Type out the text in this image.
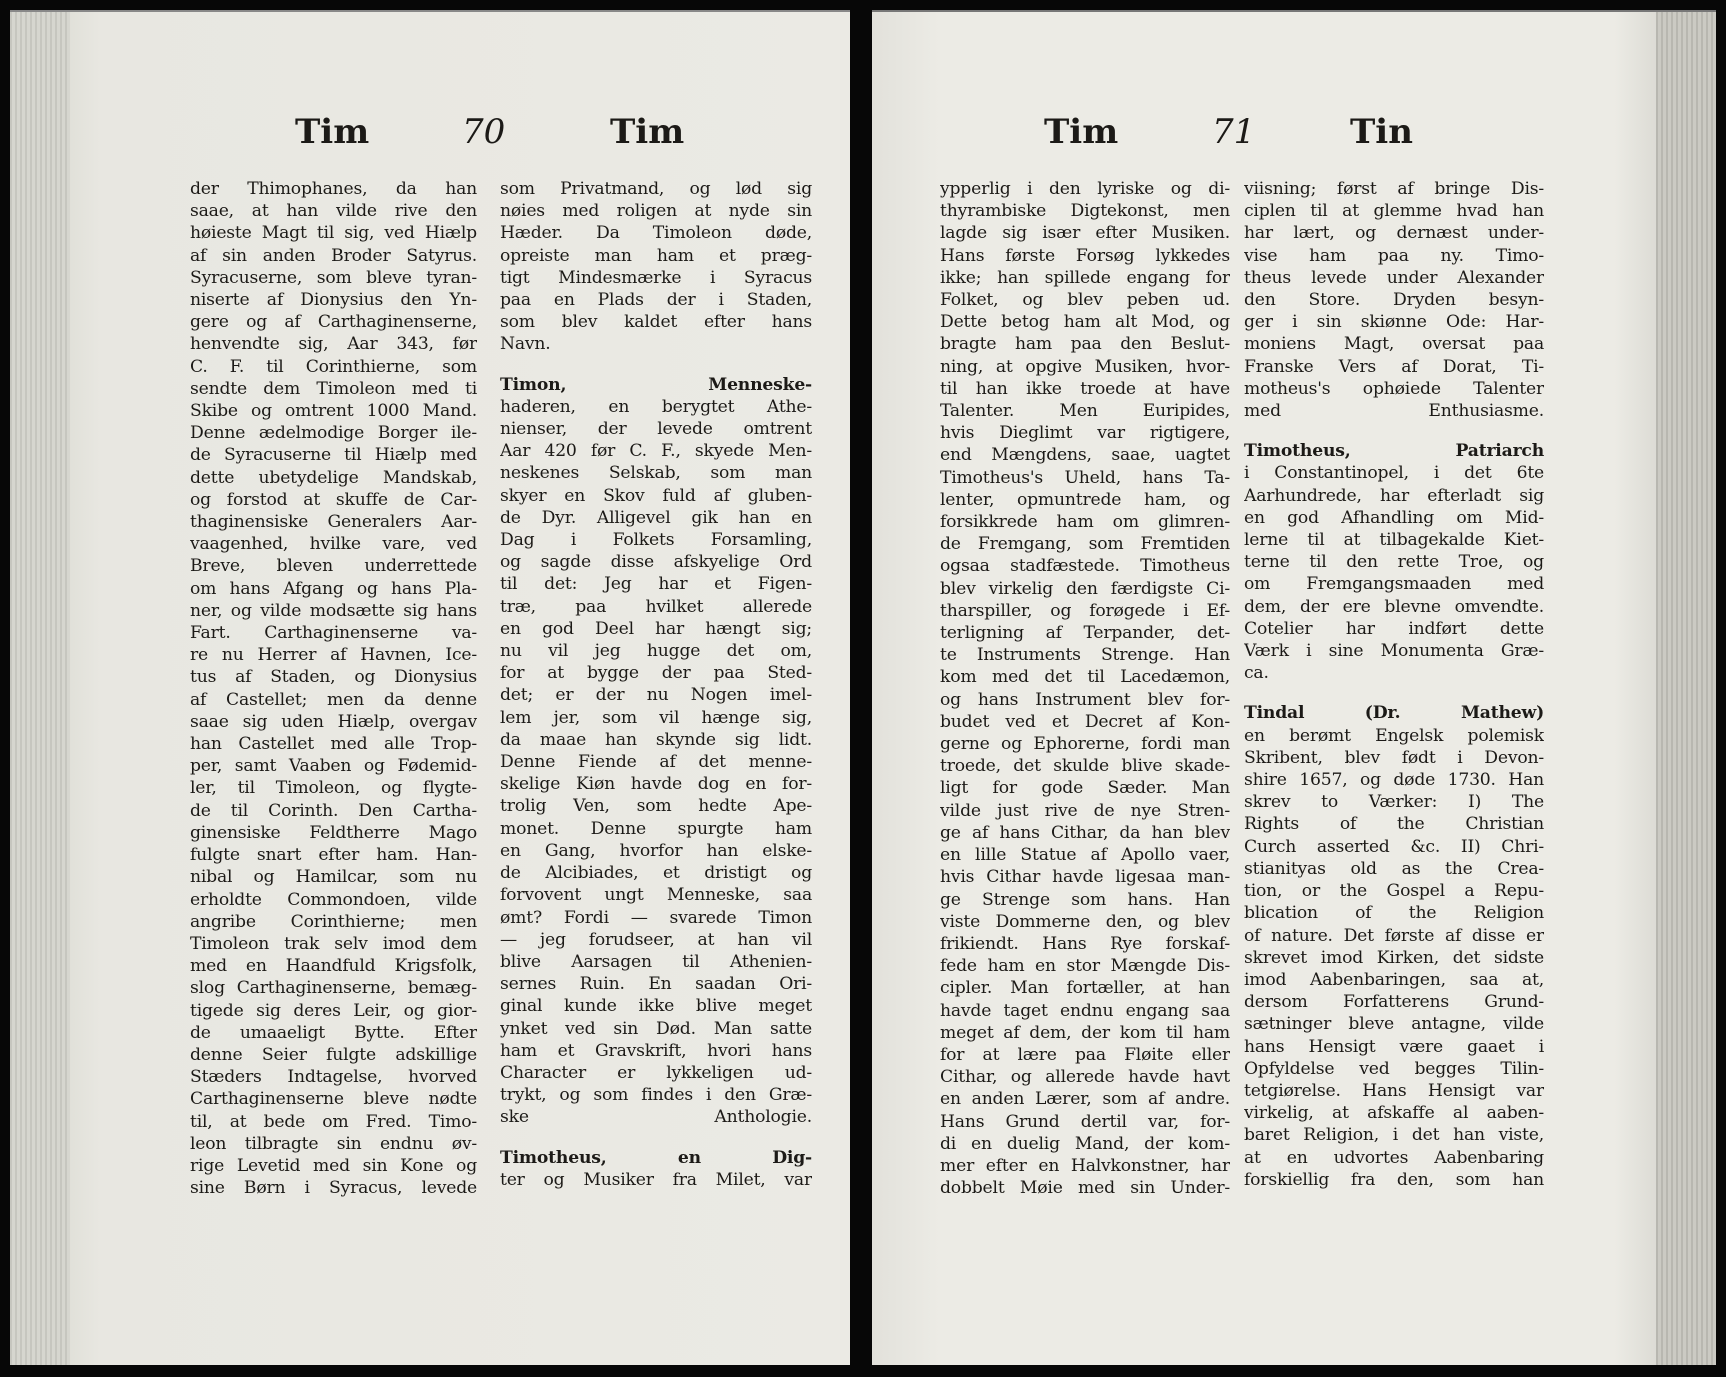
Tim	70	Tim
der Thimophanes, da han
saae, at han vilde rive den
høieste Magt til sig, ved Hiælp
af sin anden Broder Satyrus.
Syracuserne, som bleve tyran-
niserte af Dionysius den Yn-
gere og af Carthaginenserne,
henvendte sig, Aar 343, før
C. F. til Corinthierne, som
sendte dem Timoleon med ti
Skibe og omtrent 1000 Mand.
Denne ædelmodige Borger ile-
de Syracuserne til Hiælp med
dette ubetydelige Mandskab,
og forstod at skuffe de Car-
thaginensiske Generalers Aar-
vaagenhed, hvilke vare, ved
Breve, bleven underrettede
om hans Afgang og hans Pla-
ner, og vilde modsætte sig hans
Fart. Carthaginenserne va-
re nu Herrer af Havnen, Ice-
tus af Staden, og Dionysius
af Castellet; men da denne
saae sig uden Hiælp, overgav
han Castellet med alle Trop-
per, samt Vaaben og Fødemid-
ler, til Timoleon, og flygte-
de til Corinth. Den Cartha-
ginensiske Feldtherre Mago
fulgte snart efter ham. Han-
nibal og Hamilcar, som nu
erholdte Commondoen, vilde
angribe Corinthierne; men
Timoleon trak selv imod dem
med en Haandfuld Krigsfolk,
slog Carthaginenserne, bemæg-
tigede sig deres Leir, og gior-
de umaaeligt Bytte. Efter
denne Seier fulgte adskillige
Stæders Indtagelse, hvorved
Carthaginenserne bleve nødte
til, at bede om Fred. Timo-
leon tilbragte sin endnu øv-
rige Levetid med sin Kone og
sine Børn i Syracus, levede
som Privatmand, og lød sig
nøies med roligen at nyde sin
Hæder. Da Timoleon døde,
opreiste man ham et præg-
tigt Mindesmærke i Syracus
paa en Plads der i Staden,
som blev kaldet efter hans
Navn.
Timon, Menneske-
haderen, en berygtet Athe-
nienser, der levede omtrent
Aar 420 før C. F., skyede Men-
neskenes Selskab, som man
skyer en Skov fuld af gluben-
de Dyr. Alligevel gik han en
Dag i Folkets Forsamling,
og sagde disse afskyelige Ord
til det: Jeg har et Figen-
træ, paa hvilket allerede
en god Deel har hængt sig;
nu vil jeg hugge det om,
for at bygge der paa Sted-
det; er der nu Nogen imel-
lem jer, som vil hænge sig,
da maae han skynde sig lidt.
Denne Fiende af det menne-
skelige Kiøn havde dog en for-
trolig Ven, som hedte Ape-
monet. Denne spurgte ham
en Gang, hvorfor han elske-
de Alcibiades, et dristigt og
forvovent ungt Menneske, saa
ømt? Fordi — svarede Timon
— jeg forudseer, at han vil
blive Aarsagen til Athenien-
sernes Ruin. En saadan Ori-
ginal kunde ikke blive meget
ynket ved sin Død. Man satte
ham et Gravskrift, hvori hans
Character er lykkeligen ud-
trykt, og som findes i den Græ-
ske Anthologie.
Timotheus, en Dig-
ter og Musiker fra Milet, var
Tim	71	Tin
ypperlig i den lyriske og di-
thyrambiske Digtekonst, men
lagde sig især efter Musiken.
Hans første Forsøg lykkedes
ikke; han spillede engang for
Folket, og blev peben ud.
Dette betog ham alt Mod, og
bragte ham paa den Beslut-
ning, at opgive Musiken, hvor-
til han ikke troede at have
Talenter. Men Euripides,
hvis Dieglimt var rigtigere,
end Mængdens, saae, uagtet
Timotheus's Uheld, hans Ta-
lenter, opmuntrede ham, og
forsikkrede ham om glimren-
de Fremgang, som Fremtiden
ogsaa stadfæstede. Timotheus
blev virkelig den færdigste Ci-
tharspiller, og forøgede i Ef-
terligning af Terpander, det-
te Instruments Strenge. Han
kom med det til Lacedæmon,
og hans Instrument blev for-
budet ved et Decret af Kon-
gerne og Ephorerne, fordi man
troede, det skulde blive skade-
ligt for gode Sæder. Man
vilde just rive de nye Stren-
ge af hans Cithar, da han blev
en lille Statue af Apollo vaer,
hvis Cithar havde ligesaa man-
ge Strenge som hans. Han
viste Dommerne den, og blev
frikiendt. Hans Rye forskaf-
fede ham en stor Mængde Dis-
cipler. Man fortæller, at han
havde taget endnu engang saa
meget af dem, der kom til ham
for at lære paa Fløite eller
Cithar, og allerede havde havt
en anden Lærer, som af andre.
Hans Grund dertil var, for-
di en duelig Mand, der kom-
mer efter en Halvkonstner, har
dobbelt Møie med sin Under-
viisning; først af bringe Dis-
ciplen til at glemme hvad han
har lært, og dernæst under-
vise ham paa ny. Timo-
theus levede under Alexander
den Store. Dryden besyn-
ger i sin skiønne Ode: Har-
moniens Magt, oversat paa
Franske Vers af Dorat, Ti-
motheus's ophøiede Talenter
med Enthusiasme.
Timotheus, Patriarch
i Constantinopel, i det 6te
Aarhundrede, har efterladt sig
en god Afhandling om Mid-
lerne til at tilbagekalde Kiet-
terne til den rette Troe, og
om Fremgangsmaaden med
dem, der ere blevne omvendte.
Cotelier har indført dette
Værk i sine Monumenta Græ-
ca.
Tindal (Dr. Mathew)
en berømt Engelsk polemisk
Skribent, blev født i Devon-
shire 1657, og døde 1730. Han
skrev to Værker: I) The
Rights of the Christian
Curch asserted &c. II) Chri-
stianityas old as the Crea-
tion, or the Gospel a Repu-
blication of the Religion
of nature. Det første af disse er
skrevet imod Kirken, det sidste
imod Aabenbaringen, saa at,
dersom Forfatterens Grund-
sætninger bleve antagne, vilde
hans Hensigt være gaaet i
Opfyldelse ved begges Tilin-
tetgiørelse. Hans Hensigt var
virkelig, at afskaffe al aaben-
baret Religion, i det han viste,
at en udvortes Aabenbaring
forskiellig fra den, som han
